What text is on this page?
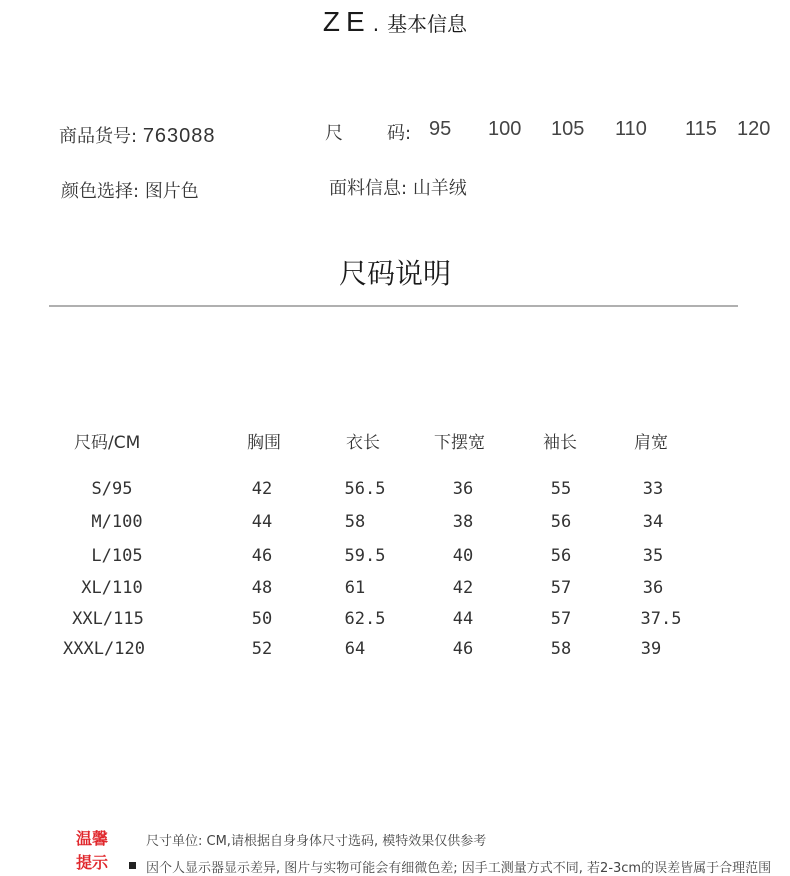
ZE . 基本信息
商品货号: 763088	尺 码: 95 100 105 110 115 120
颜色选择: 图片色	面料信息: 山羊绒
尺码说明
尺码/CM	胸围	衣长	下摆宽	袖长	肩宽
S/95	42	56.5	36	55	33
M/100	44	58	38	56	34
L/105	46	59.5	40	56	35
XL/110	48	61	42	57	36
XXL/115	50	62.5	44	57	37.5
XXXL/120	52	64	46	58	39
温馨
提示
尺寸单位: CM,请根据自身身体尺寸选码, 模特效果仅供参考
因个人显示器显示差异, 图片与实物可能会有细微色差; 因手工测量方式不同, 若2-3cm的误差皆属于合理范围
